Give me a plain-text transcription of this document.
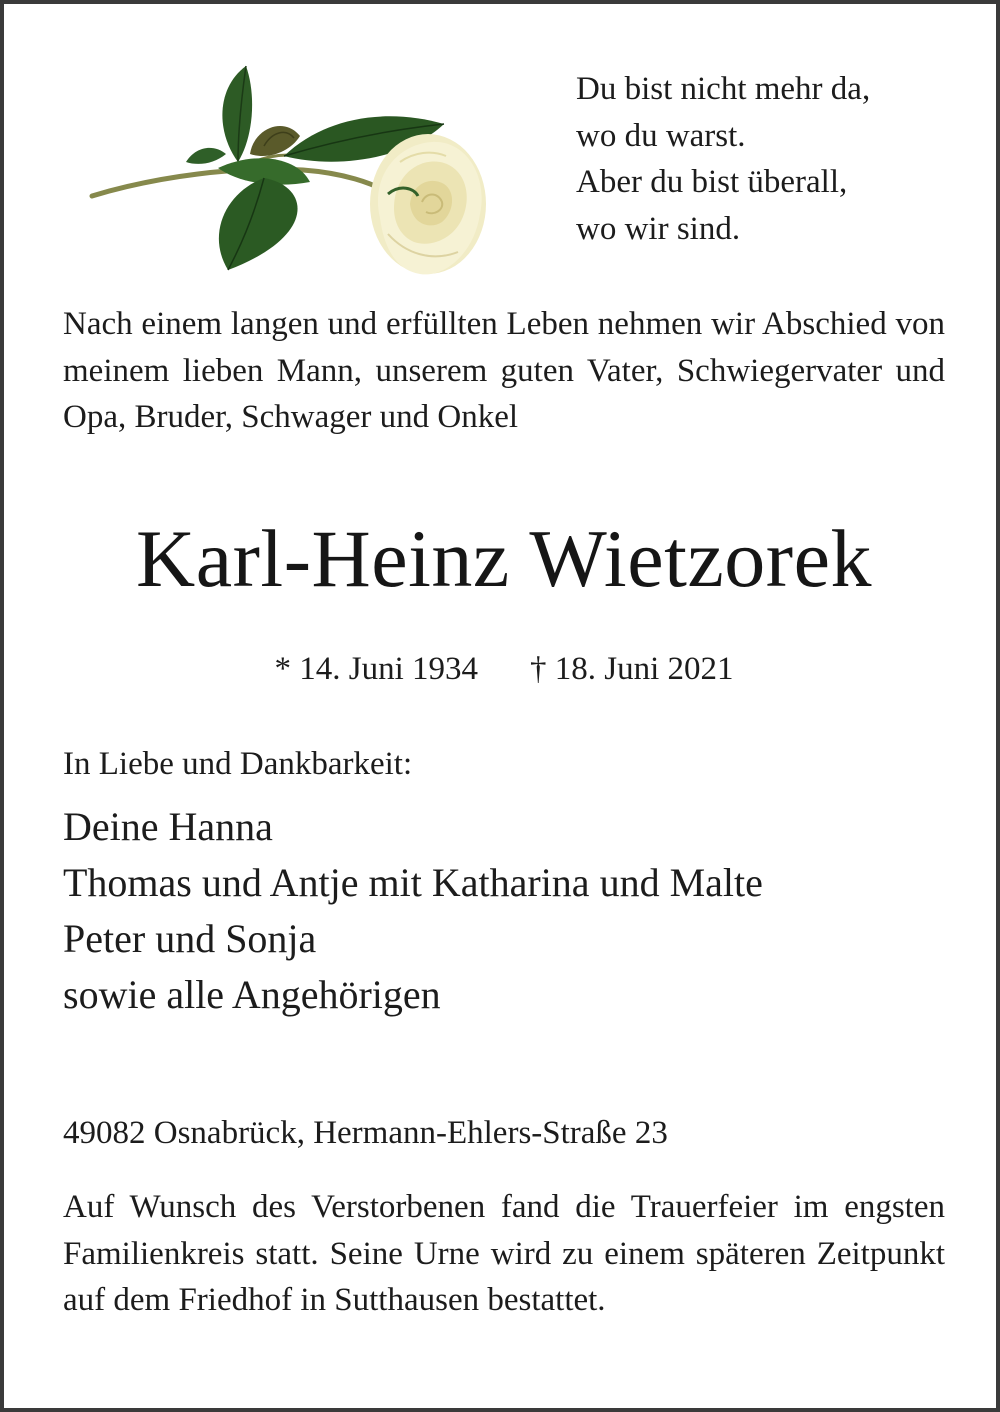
Du bist nicht mehr da,
wo du warst.
Aber du bist überall,
wo wir sind.
Nach einem langen und erfüllten Leben nehmen wir Abschied von meinem lieben Mann, unserem guten Vater, Schwiegervater und Opa, Bruder, Schwager und Onkel
Karl-Heinz Wietzorek
* 14. Juni 1934 † 18. Juni 2021
In Liebe und Dankbarkeit:
Deine Hanna
Thomas und Antje mit Katharina und Malte
Peter und Sonja
sowie alle Angehörigen
49082 Osnabrück, Hermann-Ehlers-Straße 23
Auf Wunsch des Verstorbenen fand die Trauerfeier im engsten Familienkreis statt. Seine Urne wird zu einem späteren Zeitpunkt auf dem Friedhof in Sutthausen bestattet.
